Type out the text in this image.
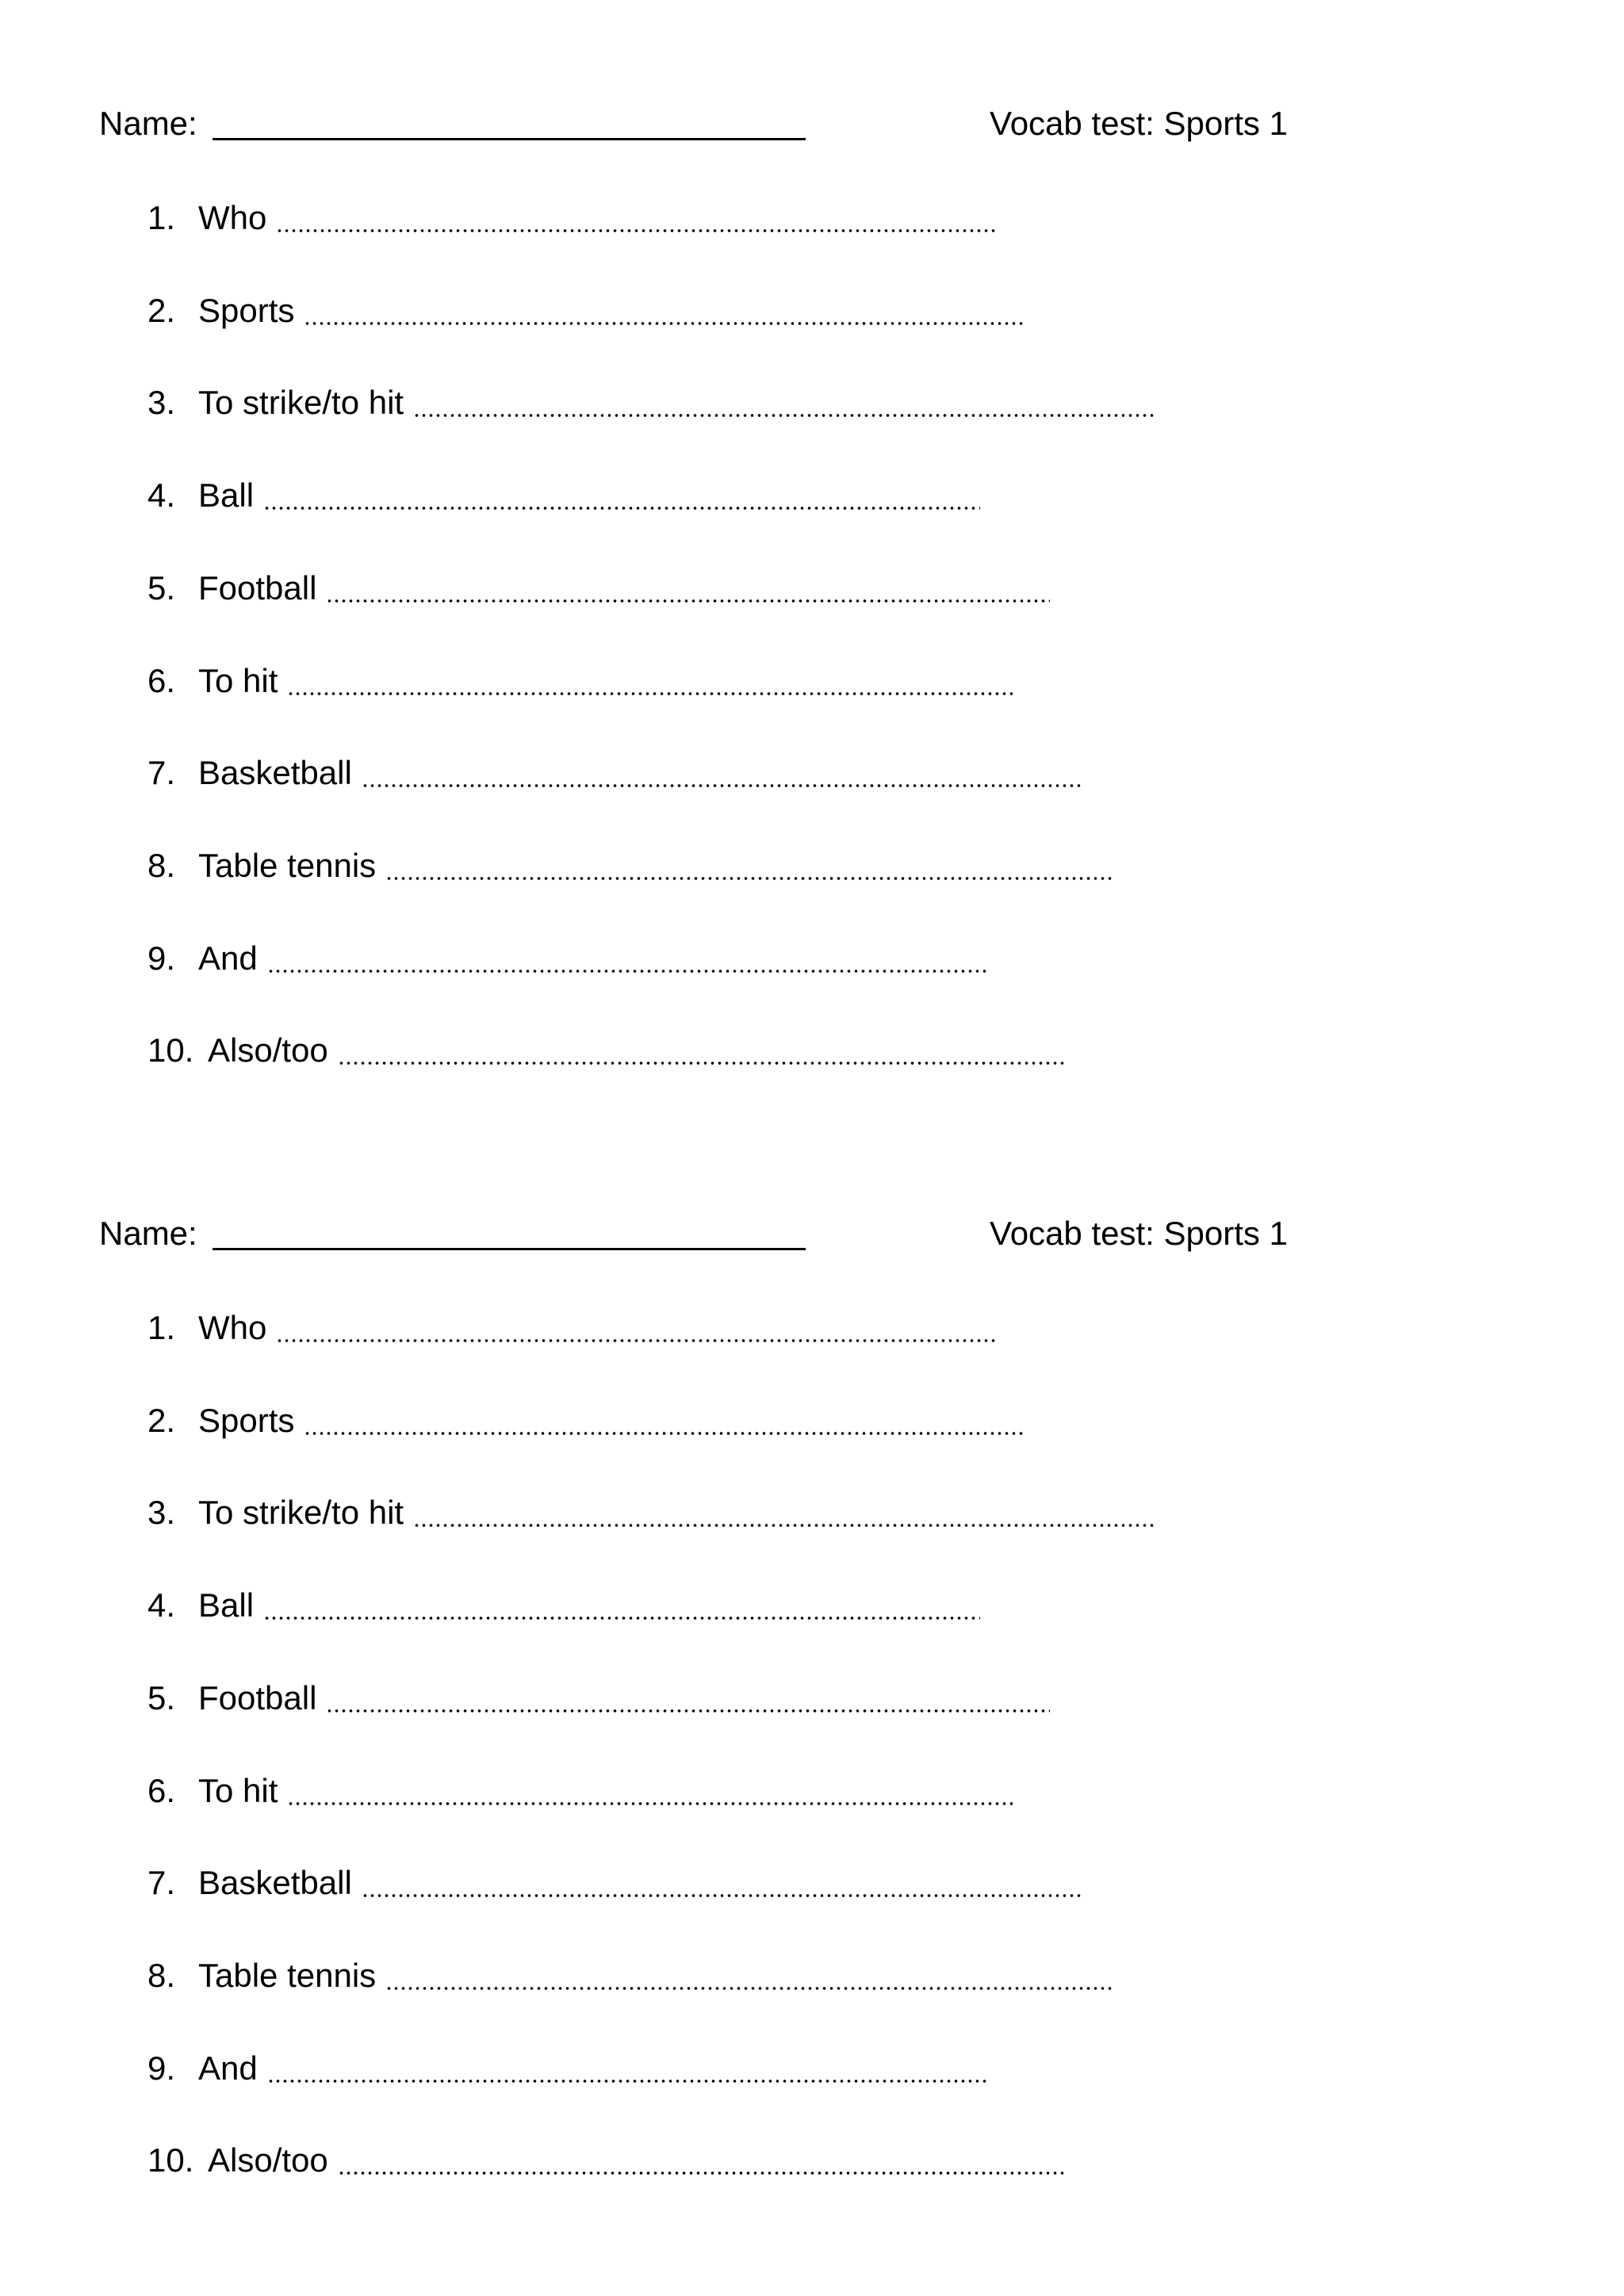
Name:	Vocab test: Sports 1
1. Who
2. Sports
3. To strike/to hit
4. Ball
5. Football
6. To hit
7. Basketball
8. Table tennis
9. And
10. Also/too
Name:	Vocab test: Sports 1
1. Who
2. Sports
3. To strike/to hit
4. Ball
5. Football
6. To hit
7. Basketball
8. Table tennis
9. And
10. Also/too
